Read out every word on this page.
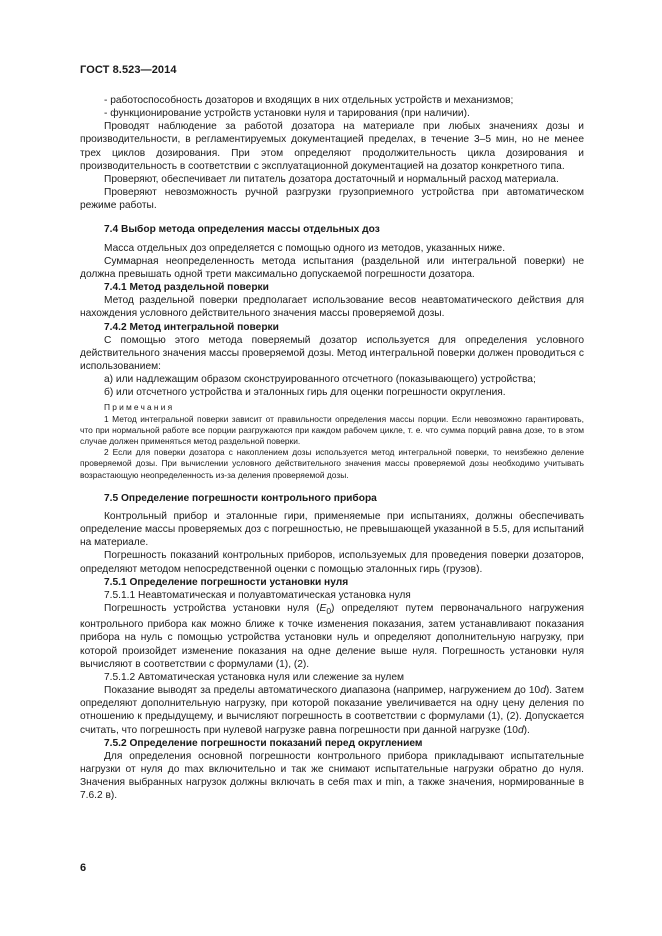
ГОСТ 8.523—2014

- работоспособность дозаторов и входящих в них отдельных устройств и механизмов;

- функционирование устройств установки нуля и тарирования (при наличии).

Проводят наблюдение за работой дозатора на материале при любых значениях дозы и производительности, в регламентируемых документацией пределах, в течение 3–5 мин, но не менее трех циклов дозирования. При этом определяют продолжительность цикла дозирования и производительность в соответствии с эксплуатационной документацией на дозатор конкретного типа.

Проверяют, обеспечивает ли питатель дозатора достаточный и нормальный расход материала.

Проверяют невозможность ручной разгрузки грузоприемного устройства при автоматическом режиме работы.

7.4 Выбор метода определения массы отдельных доз

Масса отдельных доз определяется с помощью одного из методов, указанных ниже.

Суммарная неопределенность метода испытания (раздельной или интегральной поверки) не должна превышать одной трети максимально допускаемой погрешности дозатора.

7.4.1 Метод раздельной поверки

Метод раздельной поверки предполагает использование весов неавтоматического действия для нахождения условного действительного значения массы проверяемой дозы.

7.4.2 Метод интегральной поверки

С помощью этого метода поверяемый дозатор используется для определения условного действительного значения массы проверяемой дозы. Метод интегральной поверки должен проводиться с использованием:

а) или надлежащим образом сконструированного отсчетного (показывающего) устройства;

б) или отсчетного устройства и эталонных гирь для оценки погрешности округления.

Примечания

1 Метод интегральной поверки зависит от правильности определения массы порции. Если невозможно гарантировать, что при нормальной работе все порции разгружаются при каждом рабочем цикле, т. е. что сумма порций равна дозе, то в этом случае должен применяться метод раздельной поверки.

2 Если для поверки дозатора с накоплением дозы используется метод интегральной поверки, то неизбежно деление проверяемой дозы. При вычислении условного действительного значения массы проверяемой дозы необходимо учитывать возрастающую неопределенность из-за деления проверяемой дозы.

7.5 Определение погрешности контрольного прибора

Контрольный прибор и эталонные гири, применяемые при испытаниях, должны обеспечивать определение массы проверяемых доз с погрешностью, не превышающей указанной в 5.5, для испытаний на материале.

Погрешность показаний контрольных приборов, используемых для проведения поверки дозаторов, определяют методом непосредственной оценки с помощью эталонных гирь (грузов).

7.5.1 Определение погрешности установки нуля

7.5.1.1 Неавтоматическая и полуавтоматическая установка нуля

Погрешность устройства установки нуля $(E_0)$ определяют путем первоначального нагружения контрольного прибора как можно ближе к точке изменения показания, затем устанавливают показания прибора на нуль с помощью устройства установки нуль и определяют дополнительную нагрузку, при которой произойдет изменение показания на одне деление выше нуля. Погрешность установки нуля вычисляют в соответствии с формулами (1), (2).

7.5.1.2 Автоматическая установка нуля или слежение за нулем

Показание выводят за пределы автоматического диапазона (например, нагружением до 10d). Затем определяют дополнительную нагрузку, при которой показание увеличивается на одну цену деления по отношению к предыдущему, и вычисляют погрешность в соответствии с формулами (1), (2). Допускается считать, что погрешность при нулевой нагрузке равна погрешности при данной нагрузке (10d).

7.5.2 Определение погрешности показаний перед округлением

Для определения основной погрешности контрольного прибора прикладывают испытательные нагрузки от нуля до max включительно и так же снимают испытательные нагрузки обратно до нуля. Значения выбранных нагрузок должны включать в себя max и min, а также значения, нормированные в 7.6.2 в).

6
